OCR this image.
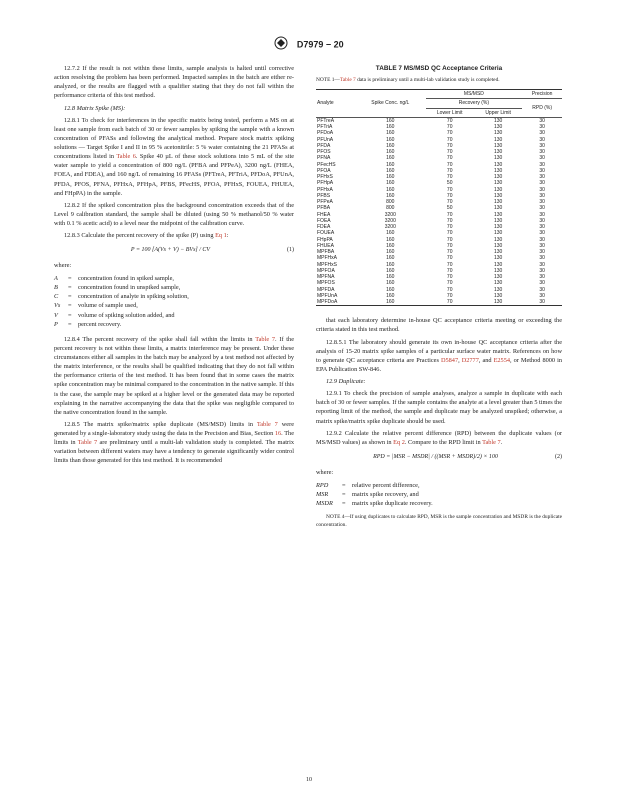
D7979 − 20

12.7.2 If the result is not within these limits, sample analysis is halted until corrective action resolving the problem has been performed. Impacted samples in the batch are either re-analyzed, or the results are flagged with a qualifier stating that they do not fall within the performance criteria of this test method.

12.8 Matrix Spike (MS):

12.8.1 To check for interferences in the specific matrix being tested, perform a MS on at least one sample from each batch of 30 or fewer samples by spiking the sample with a known concentration of PFASs and following the analytical method. Prepare stock matrix spiking solutions — Target Spike I and II in 95 % acetonitrile: 5 % water containing the 21 PFASs at concentrations listed in Table 6. Spike 40 µL of these stock solutions into 5 mL of the site water sample to yield a concentration of 800 ng/L (PFBA and PFPeA), 3200 ng/L (FHEA, FOEA, and FDEA), and 160 ng/L of remaining 16 PFASs (PFTreA, PFTriA, PFDoA, PFUnA, PFDA, PFOS, PFNA, PFHxA, PFHpA, PFBS, PFecHS, PFOA, PFHxS, FOUEA, FHUEA, and FHpPA) in the sample.

12.8.2 If the spiked concentration plus the background concentration exceeds that of the Level 9 calibration standard, the sample shall be diluted (using 50 % methanol/50 % water with 0.1 % acetic acid) to a level near the midpoint of the calibration curve.

12.8.3 Calculate the percent recovery of the spike (P) using Eq 1:

P = 100 [A(Vs + V) − BVs] / CV	(1)
where:
A	=	concentration found in spiked sample,
B	=	concentration found in unspiked sample,
C	=	concentration of analyte in spiking solution,
Vs	=	volume of sample used,
V	=	volume of spiking solution added, and
P	=	percent recovery.

12.8.4 The percent recovery of the spike shall fall within the limits in Table 7. If the percent recovery is not within these limits, a matrix interference may be present. Under these circumstances either all samples in the batch may be analyzed by a test method not affected by the matrix interference, or the results shall be qualified indicating that they do not fall within the performance criteria of the test method. It has been found that in some cases the matrix spike concentration may be minimal compared to the concentration in the native sample. If this is the case, the sample may be spiked at a higher level or the generated data may be reported explaining in the narrative accompanying the data that the spike was negligible compared to the native concentration found in the sample.

12.8.5 The matrix spike/matrix spike duplicate (MS/MSD) limits in Table 7 were generated by a single-laboratory study using the data in the Precision and Bias, Section 16. The limits in Table 7 are preliminary until a multi-lab validation study is completed. The matrix variation between different waters may have a tendency to generate significantly wider control limits than those generated for this test method. It is recommended

TABLE 7 MS/MSD QC Acceptance Criteria
NOTE 1—Table 7 data is preliminary until a multi-lab validation study is completed.
Analyte	Spike Conc. ng/L	MS/MSD		Precision
		Recovery (%)		RPD (%)
		Lower Limit	Upper Limit	
PFTreA	160	70	130	30
PFTriA	160	70	130	30
PFDoA	160	70	130	30
PFUnA	160	70	130	30
PFDA	160	70	130	30
PFOS	160	70	130	30
PFNA	160	70	130	30
PFecHS	160	70	130	30
PFOA	160	70	130	30
PFHxS	160	70	130	30
PFHpA	160	50	130	30
PFHxA	160	70	130	30
PFBS	160	70	130	30
PFPeA	800	70	130	30
PFBA	800	50	130	30
FHEA	3200	70	130	30
FOEA	3200	70	130	30
FDEA	3200	70	130	30
FOUEA	160	70	130	30
FHpPA	160	70	130	30
FHUEA	160	70	130	30
MPFBA	160	70	130	30
MPFHxA	160	70	130	30
MPFHxS	160	70	130	30
MPFOA	160	70	130	30
MPFNA	160	70	130	30
MPFOS	160	70	130	30
MPFDA	160	70	130	30
MPFUnA	160	70	130	30
MPFDoA	160	70	130	30

that each laboratory determine in-house QC acceptance criteria meeting or exceeding the criteria stated in this test method.

12.8.5.1 The laboratory should generate its own in-house QC acceptance criteria after the analysis of 15-20 matrix spike samples of a particular surface water matrix. References on how to generate QC acceptance criteria are Practices D5847, D2777, and E2554, or Method 8000 in EPA Publication SW-846.

12.9 Duplicate:

12.9.1 To check the precision of sample analyses, analyze a sample in duplicate with each batch of 30 or fewer samples. If the sample contains the analyte at a level greater than 5 times the reporting limit of the method, the sample and duplicate may be analyzed unspiked; otherwise, a matrix spike/matrix spike duplicate should be used.

12.9.2 Calculate the relative percent difference (RPD) between the duplicate values (or MS/MSD values) as shown in Eq 2. Compare to the RPD limit in Table 7.

RPD = |MSR − MSDR| / ((MSR + MSDR)/2) × 100	(2)
where:
RPD	=	relative percent difference,
MSR	=	matrix spike recovery, and
MSDR	=	matrix spike duplicate recovery.

NOTE 4—If using duplicates to calculate RPD, MSR is the sample concentration and MSDR is the duplicate concentration.

10
